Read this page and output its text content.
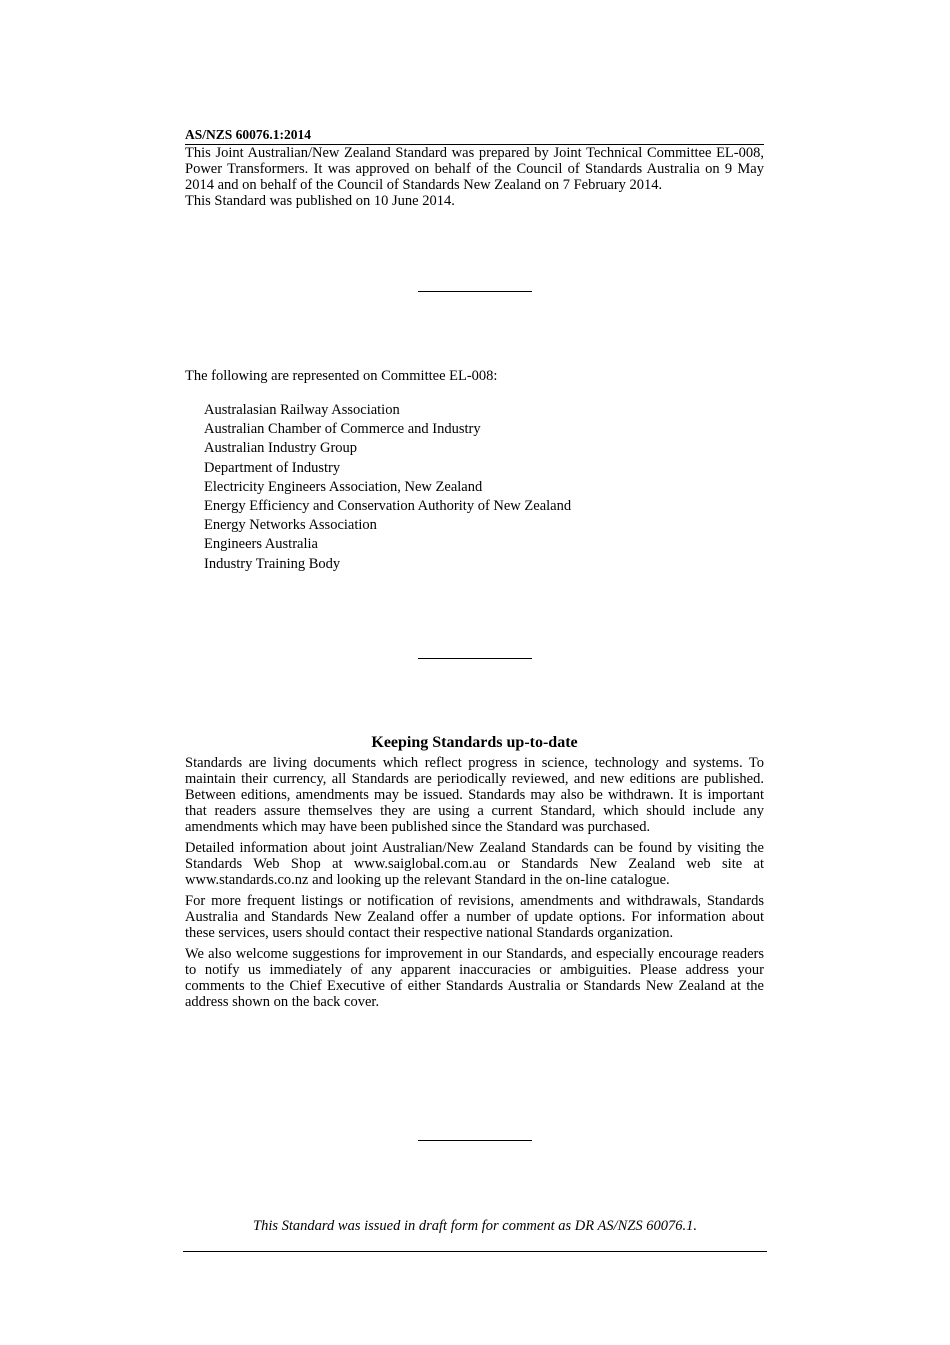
AS/NZS 60076.1:2014

This Joint Australian/New Zealand Standard was prepared by Joint Technical Committee EL-008, Power Transformers. It was approved on behalf of the Council of Standards Australia on 9 May 2014 and on behalf of the Council of Standards New Zealand on 7 February 2014.

This Standard was published on 10 June 2014.

The following are represented on Committee EL-008:
Australasian Railway Association
Australian Chamber of Commerce and Industry
Australian Industry Group
Department of Industry
Electricity Engineers Association, New Zealand
Energy Efficiency and Conservation Authority of New Zealand
Energy Networks Association
Engineers Australia
Industry Training Body
Keeping Standards up-to-date

Standards are living documents which reflect progress in science, technology and systems. To maintain their currency, all Standards are periodically reviewed, and new editions are published. Between editions, amendments may be issued. Standards may also be withdrawn. It is important that readers assure themselves they are using a current Standard, which should include any amendments which may have been published since the Standard was purchased.

Detailed information about joint Australian/New Zealand Standards can be found by visiting the Standards Web Shop at www.saiglobal.com.au or Standards New Zealand web site at www.standards.co.nz and looking up the relevant Standard in the on-line catalogue.

For more frequent listings or notification of revisions, amendments and withdrawals, Standards Australia and Standards New Zealand offer a number of update options. For information about these services, users should contact their respective national Standards organization.

We also welcome suggestions for improvement in our Standards, and especially encourage readers to notify us immediately of any apparent inaccuracies or ambiguities. Please address your comments to the Chief Executive of either Standards Australia or Standards New Zealand at the address shown on the back cover.

This Standard was issued in draft form for comment as DR AS/NZS 60076.1.
